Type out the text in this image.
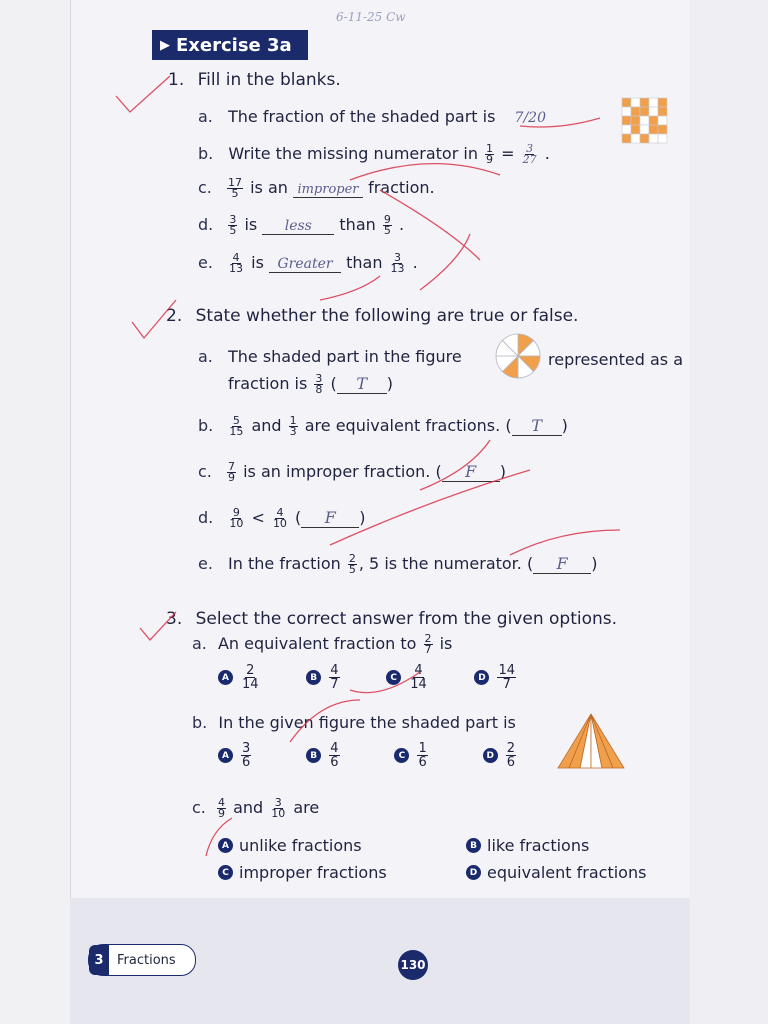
6-11-25 Cw
▶ Exercise 3a
1. Fill in the blanks.
a. The fraction of the shaded part is 7/20
b. Write the missing numerator in $\frac{1}{9} = \frac{3}{27}$ .
c. $\frac{17}{5}$ is an improper fraction.
d. $\frac{3}{5}$ is less than $\frac{9}{5}$ .
e. $\frac{4}{13}$ is Greater than $\frac{3}{13}$ .
2. State whether the following are true or false.
a. The shaded part in the figure	represented as a
fraction is $\frac{3}{8}$ ( T )
b. $\frac{5}{15}$ and $\frac{1}{3}$ are equivalent fractions. ( T )
c. $\frac{7}{9}$ is an improper fraction. ( F )
d. $\frac{9}{10} < \frac{4}{10}$ ( F )
e. In the fraction $\frac{2}{5}$ , 5 is the numerator. ( F )
3. Select the correct answer from the given options.
a. An equivalent fraction to $\frac{2}{7}$ is
A $\frac{2}{14}$	B $\frac{4}{7}$	C $\frac{4}{14}$	D $\frac{14}{7}$
b. In the given figure the shaded part is
A $\frac{3}{6}$	B $\frac{4}{6}$	C $\frac{1}{6}$	D $\frac{2}{6}$
c. $\frac{4}{9}$ and $\frac{3}{10}$ are
A unlike fractions	B like fractions
C improper fractions	D equivalent fractions
3	Fractions	130
